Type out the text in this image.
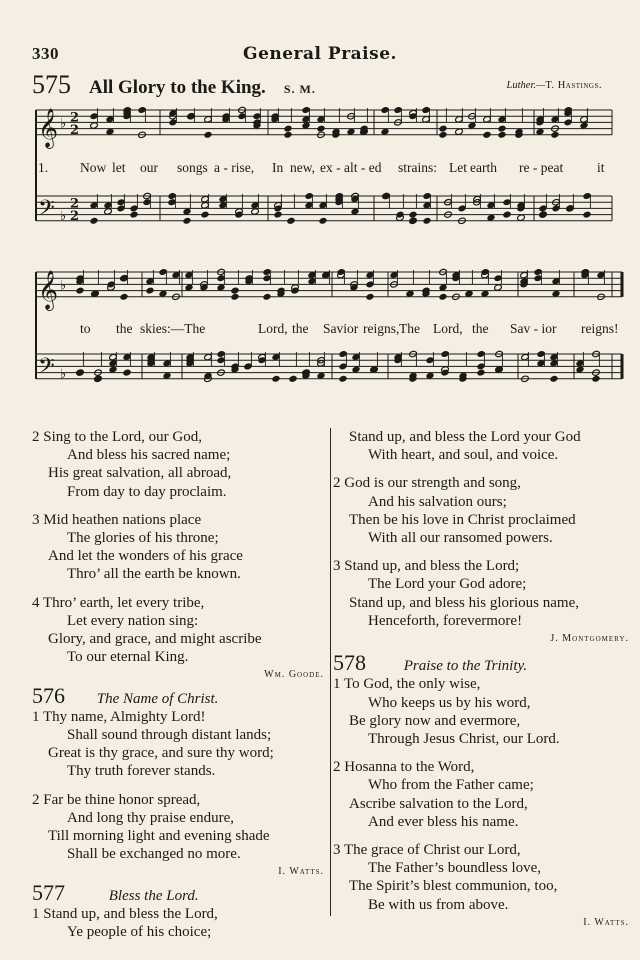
330	General Praise.
575 All Glory to the King. S. M.	Luther.—T. Hastings.
𝄞 ♭ 2
2
𝄢 ♭
2
2
𝄞 ♭
𝄢 ♭
1. Now let our songs a - rise, In new, ex - alt - ed strains: Let earth re - peat	it
to the skies:—The	Lord, the Savior reigns, The Lord, the Sav - ior reigns!
2 Sing to the Lord, our God,
And bless his sacred name;
His great salvation, all abroad,
From day to day proclaim.
3 Mid heathen nations place
The glories of his throne;
And let the wonders of his grace
Thro’ all the earth be known.
4 Thro’ earth, let every tribe,
Let every nation sing:
Glory, and grace, and might ascribe
To our eternal King.
Wm. Goode.
576 The Name of Christ.
1 Thy name, Almighty Lord!
Shall sound through distant lands;
Great is thy grace, and sure thy word;
Thy truth forever stands.
2 Far be thine honor spread,
And long thy praise endure,
Till morning light and evening shade
Shall be exchanged no more.
I. Watts.
577	Bless the Lord.
1 Stand up, and bless the Lord,
Ye people of his choice;
Stand up, and bless the Lord your God
With heart, and soul, and voice.
2 God is our strength and song,
And his salvation ours;
Then be his love in Christ proclaimed
With all our ransomed powers.
3 Stand up, and bless the Lord;
The Lord your God adore;
Stand up, and bless his glorious name,
Henceforth, forevermore!
J. Montgomery.
578	Praise to the Trinity.
1 To God, the only wise,
Who keeps us by his word,
Be glory now and evermore,
Through Jesus Christ, our Lord.
2 Hosanna to the Word,
Who from the Father came;
Ascribe salvation to the Lord,
And ever bless his name.
3 The grace of Christ our Lord,
The Father’s boundless love,
The Spirit’s blest communion, too,
Be with us from above.
I. Watts.
